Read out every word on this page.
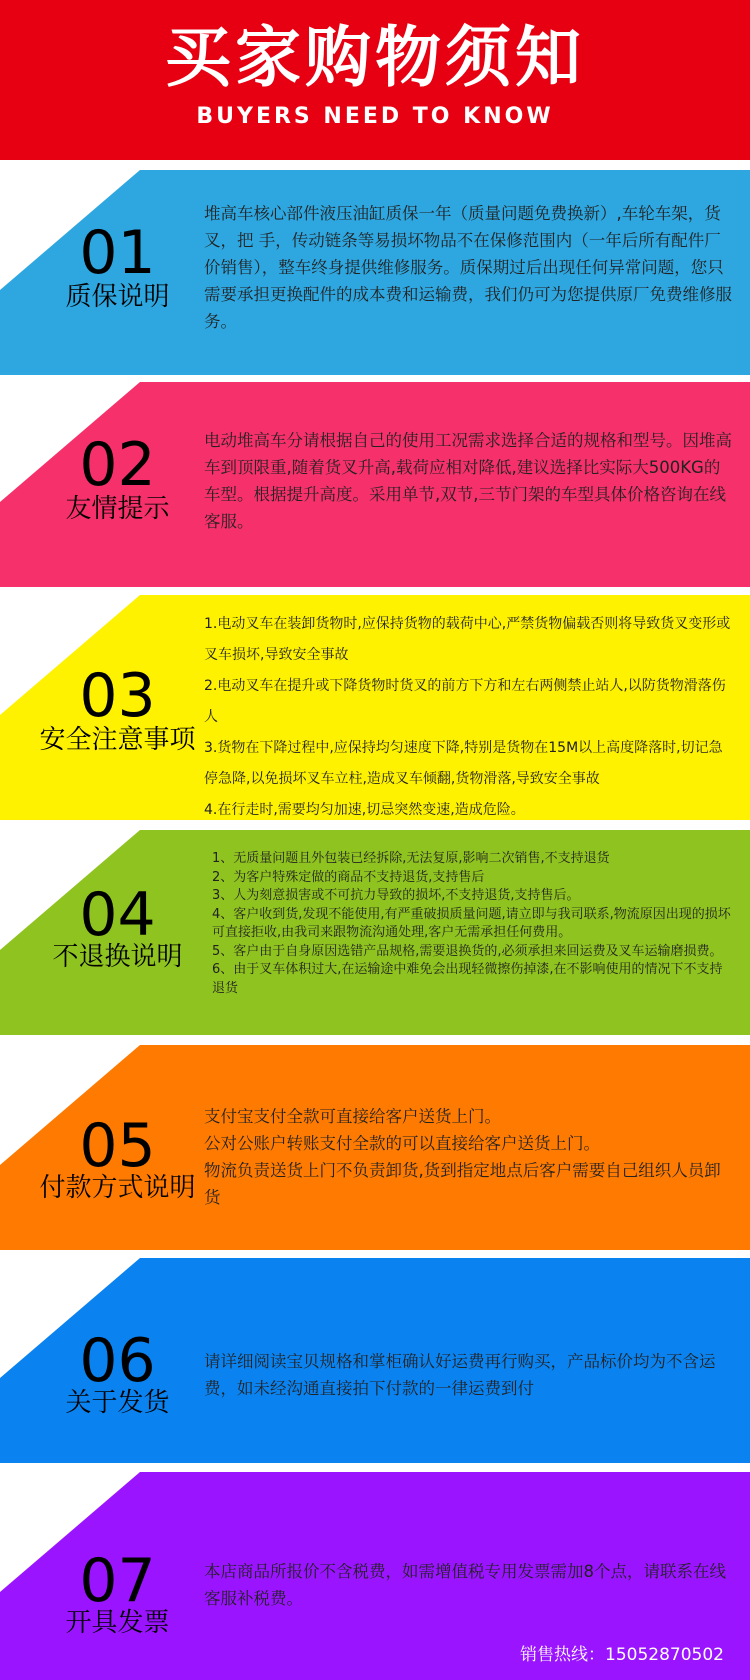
买家购物须知
BUYERS NEED TO KNOW
01
质保说明

堆高车核心部件液压油缸质保一年（质量问题免费换新）,车轮车架，货叉，把 手，传动链条等易损坏物品不在保修范围内（一年后所有配件厂价销售），整车终身提供维修服务。质保期过后出现任何异常问题，您只需要承担更换配件的成本费和运输费，我们仍可为您提供原厂免费维修服务。

02
友情提示

电动堆高车分请根据自己的使用工况需求选择合适的规格和型号。因堆高车到顶限重,随着货叉升高,载荷应相对降低,建议选择比实际大500KG的车型。根据提升高度。采用单节,双节,三节门架的车型具体价格咨询在线客服。

03
安全注意事项

1.电动叉车在装卸货物时,应保持货物的载荷中心,严禁货物偏载否则将导致货叉变形或叉车损坏,导致安全事故

2.电动叉车在提升或下降货物时货叉的前方下方和左右两侧禁止站人,以防货物滑落伤人

3.货物在下降过程中,应保持均匀速度下降,特别是货物在15M以上高度降落时,切记急停急降,以免损坏叉车立柱,造成叉车倾翻,货物滑落,导致安全事故

4.在行走时,需要均匀加速,切忌突然变速,造成危险。

04
不退换说明

1、无质量问题且外包装已经拆除,无法复原,影响二次销售,不支持退货

2、为客户特殊定做的商品不支持退货,支持售后

3、人为刻意损害或不可抗力导致的损坏,不支持退货,支持售后。

4、客户收到货,发现不能使用,有严重破损质量问题,请立即与我司联系,物流原因出现的损坏可直接拒收,由我司来跟物流沟通处理,客户无需承担任何费用。

5、客户由于自身原因选错产品规格,需要退换货的,必须承担来回运费及叉车运输磨损费。

6、由于叉车体积过大,在运输途中难免会出现轻微擦伤掉漆,在不影响使用的情况下不支持退货

05
付款方式说明

支付宝支付全款可直接给客户送货上门。

公对公账户转账支付全款的可以直接给客户送货上门。

物流负责送货上门不负责卸货,货到指定地点后客户需要自己组织人员卸货

06
关于发货

请详细阅读宝贝规格和掌柜确认好运费再行购买，产品标价均为不含运费，如未经沟通直接拍下付款的一律运费到付

07
开具发票

本店商品所报价不含税费，如需增值税专用发票需加8个点，请联系在线客服补税费。

销售热线：15052870502
